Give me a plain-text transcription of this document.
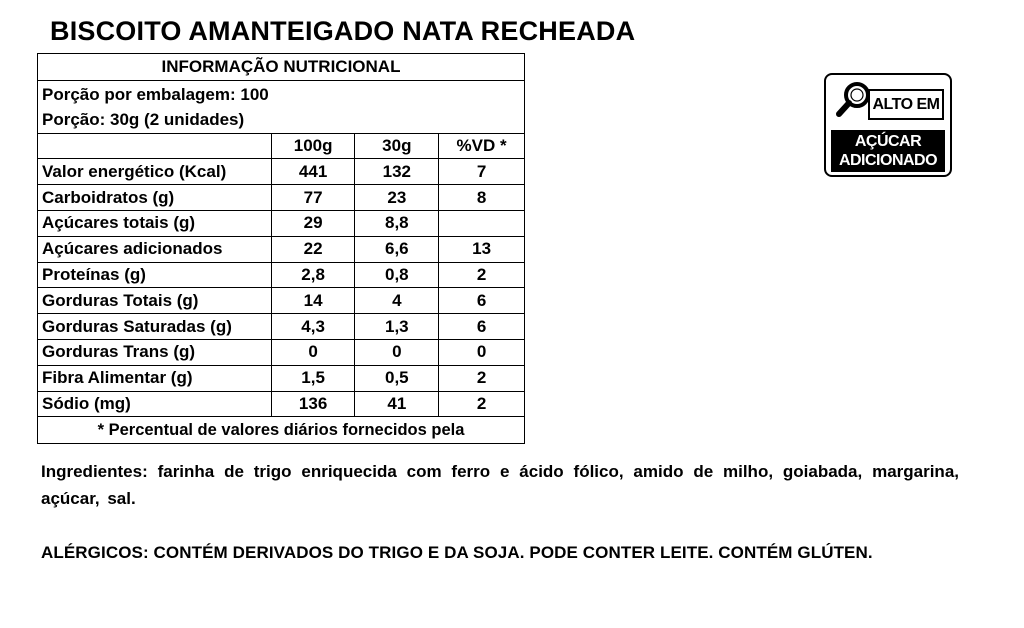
BISCOITO AMANTEIGADO NATA RECHEADA
INFORMAÇÃO NUTRICIONAL			
Porção por embalagem: 100			
Porção: 30g (2 unidades)			
	100g	30g	%VD *
Valor energético (Kcal)	441	132	7
Carboidratos (g)	77	23	8
Açúcares totais (g)	29	8,8	
Açúcares adicionados	22	6,6	13
Proteínas (g)	2,8	0,8	2
Gorduras Totais (g)	14	4	6
Gorduras Saturadas (g)	4,3	1,3	6
Gorduras Trans (g)	0	0	0
Fibra Alimentar (g)	1,5	0,5	2
Sódio (mg)	136	41	2
* Percentual de valores diários fornecidos pela			
ALTO EM
AÇÚCAR
ADICIONADO
Ingredientes: farinha de trigo enriquecida com ferro e ácido fólico, amido de milho, goiabada, margarina, açúcar, sal.
ALÉRGICOS: CONTÉM DERIVADOS DO TRIGO E DA SOJA. PODE CONTER LEITE. CONTÉM GLÚTEN.
